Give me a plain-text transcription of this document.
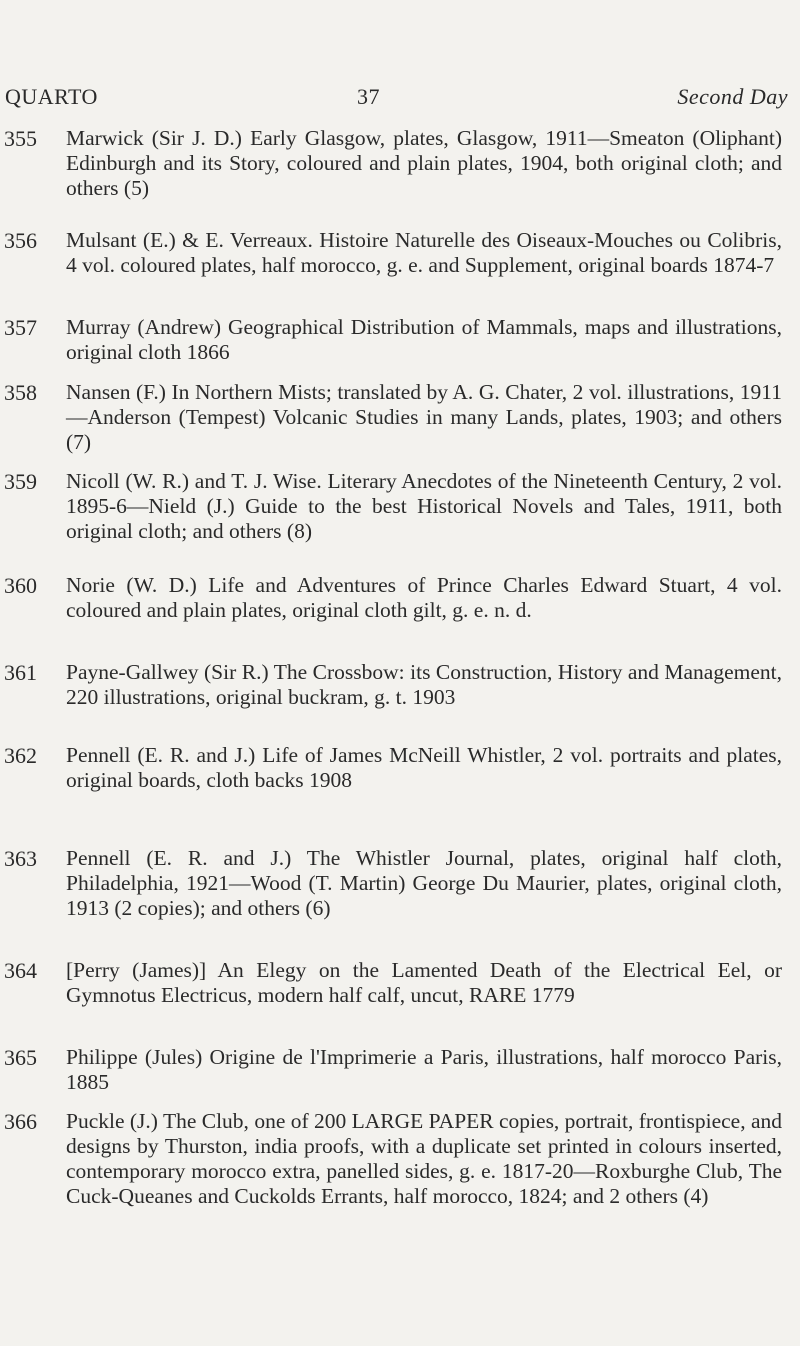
QUARTO	37	Second Day
355 Marwick (Sir J. D.) Early Glasgow, plates, Glasgow, 1911—Smeaton (Oliphant) Edinburgh and its Story, coloured and plain plates, 1904, both original cloth; and others (5)
356 Mulsant (E.) & E. Verreaux. Histoire Naturelle des Oiseaux-Mouches ou Colibris, 4 vol. coloured plates, half morocco, g. e. and Supplement, original boards 1874-7
357 Murray (Andrew) Geographical Distribution of Mammals, maps and illustrations, original cloth 1866
358 Nansen (F.) In Northern Mists; translated by A. G. Chater, 2 vol. illustrations, 1911—Anderson (Tempest) Volcanic Studies in many Lands, plates, 1903; and others (7)
359 Nicoll (W. R.) and T. J. Wise. Literary Anecdotes of the Nineteenth Century, 2 vol. 1895-6—Nield (J.) Guide to the best Historical Novels and Tales, 1911, both original cloth; and others (8)
360 Norie (W. D.) Life and Adventures of Prince Charles Edward Stuart, 4 vol. coloured and plain plates, original cloth gilt, g. e. n. d.
361 Payne-Gallwey (Sir R.) The Crossbow: its Construction, History and Management, 220 illustrations, original buckram, g. t. 1903
362 Pennell (E. R. and J.) Life of James McNeill Whistler, 2 vol. portraits and plates, original boards, cloth backs 1908
363 Pennell (E. R. and J.) The Whistler Journal, plates, original half cloth, Philadelphia, 1921—Wood (T. Martin) George Du Maurier, plates, original cloth, 1913 (2 copies); and others (6)
364 [Perry (James)] An Elegy on the Lamented Death of the Electrical Eel, or Gymnotus Electricus, modern half calf, uncut, RARE 1779
365 Philippe (Jules) Origine de l'Imprimerie a Paris, illustrations, half morocco Paris, 1885
366 Puckle (J.) The Club, one of 200 LARGE PAPER copies, portrait, frontispiece, and designs by Thurston, india proofs, with a duplicate set printed in colours inserted, contemporary morocco extra, panelled sides, g. e. 1817-20—Roxburghe Club, The Cuck-Queanes and Cuckolds Errants, half morocco, 1824; and 2 others (4)
